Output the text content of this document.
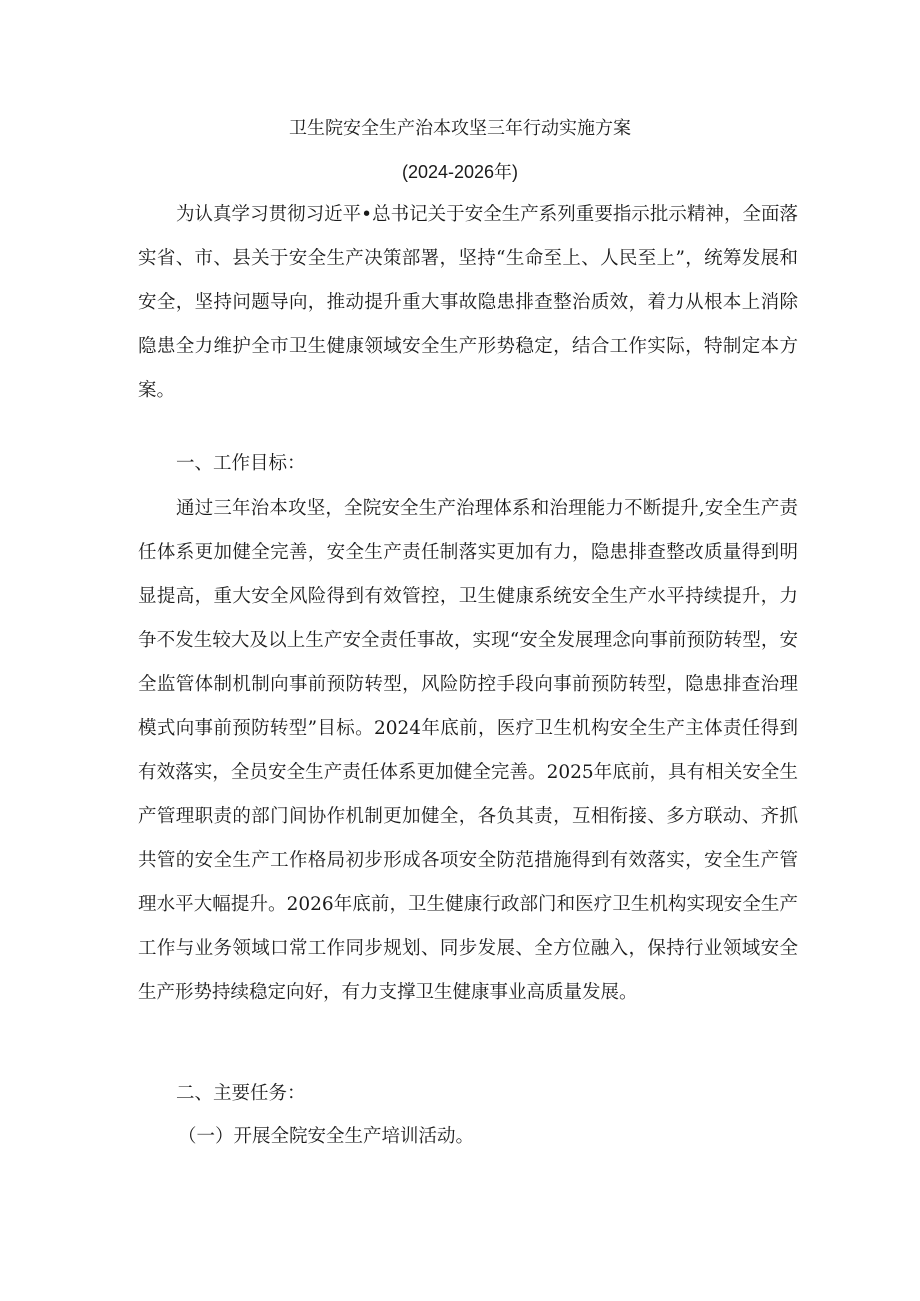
卫生院安全生产治本攻坚三年行动实施方案
(2024-2026年)

为认真学习贯彻习近平•总书记关于安全生产系列重要指示批示精神，全面落实省、市、县关于安全生产决策部署，坚持“生命至上、人民至上”，统筹发展和安全，坚持问题导向，推动提升重大事故隐患排查整治质效，着力从根本上消除隐患全力维护全市卫生健康领域安全生产形势稳定，结合工作实际，特制定本方案。

一、工作目标：

通过三年治本攻坚，全院安全生产治理体系和治理能力不断提升,安全生产责任体系更加健全完善，安全生产责任制落实更加有力，隐患排查整改质量得到明显提高，重大安全风险得到有效管控，卫生健康系统安全生产水平持续提升，力争不发生较大及以上生产安全责任事故，实现“安全发展理念向事前预防转型，安全监管体制机制向事前预防转型，风险防控手段向事前预防转型，隐患排查治理模式向事前预防转型”目标。2024年底前，医疗卫生机构安全生产主体责任得到有效落实，全员安全生产责任体系更加健全完善。2025年底前，具有相关安全生产管理职责的部门间协作机制更加健全，各负其责，互相衔接、多方联动、齐抓共管的安全生产工作格局初步形成各项安全防范措施得到有效落实，安全生产管理水平大幅提升。2026年底前，卫生健康行政部门和医疗卫生机构实现安全生产工作与业务领域口常工作同步规划、同步发展、全方位融入，保持行业领域安全生产形势持续稳定向好，有力支撑卫生健康事业高质量发展。

二、主要任务：
（一）开展全院安全生产培训活动。
